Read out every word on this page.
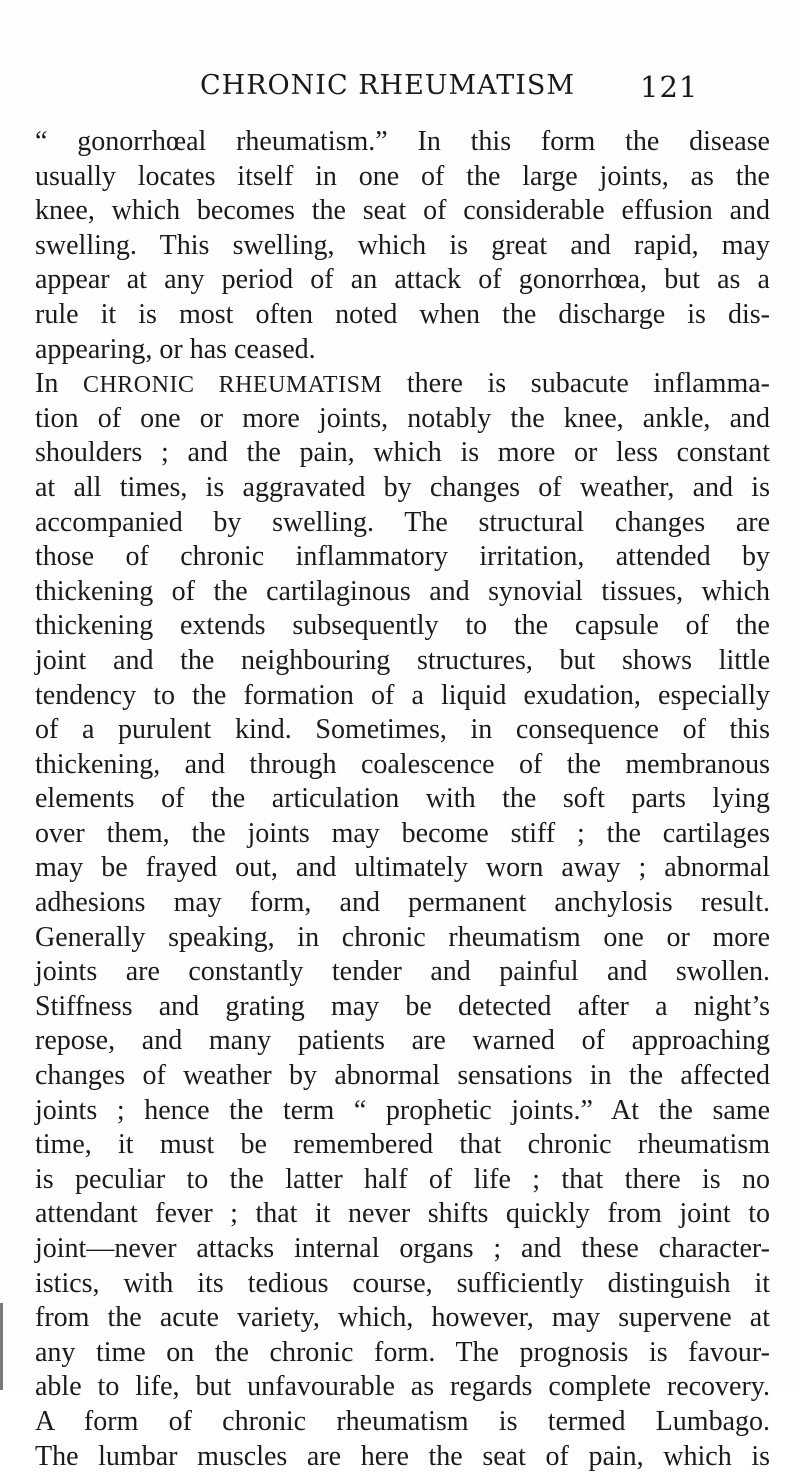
CHRONIC RHEUMATISM 121
“ gonorrhœal rheumatism.” In this form the disease
usually locates itself in one of the large joints, as the
knee, which becomes the seat of considerable effusion and
swelling. This swelling, which is great and rapid, may
appear at any period of an attack of gonorrhœa, but as a
rule it is most often noted when the discharge is dis-
appearing, or has ceased.
In CHRONIC RHEUMATISM there is subacute inflamma-
tion of one or more joints, notably the knee, ankle, and
shoulders ; and the pain, which is more or less constant
at all times, is aggravated by changes of weather, and is
accompanied by swelling. The structural changes are
those of chronic inflammatory irritation, attended by
thickening of the cartilaginous and synovial tissues, which
thickening extends subsequently to the capsule of the
joint and the neighbouring structures, but shows little
tendency to the formation of a liquid exudation, especially
of a purulent kind. Sometimes, in consequence of this
thickening, and through coalescence of the membranous
elements of the articulation with the soft parts lying
over them, the joints may become stiff ; the cartilages
may be frayed out, and ultimately worn away ; abnormal
adhesions may form, and permanent anchylosis result.
Generally speaking, in chronic rheumatism one or more
joints are constantly tender and painful and swollen.
Stiffness and grating may be detected after a night’s
repose, and many patients are warned of approaching
changes of weather by abnormal sensations in the affected
joints ; hence the term “ prophetic joints.” At the same
time, it must be remembered that chronic rheumatism
is peculiar to the latter half of life ; that there is no
attendant fever ; that it never shifts quickly from joint to
joint—never attacks internal organs ; and these character-
istics, with its tedious course, sufficiently distinguish it
from the acute variety, which, however, may supervene at
any time on the chronic form. The prognosis is favour-
able to life, but unfavourable as regards complete recovery.
A form of chronic rheumatism is termed Lumbago.
The lumbar muscles are here the seat of pain, which is
